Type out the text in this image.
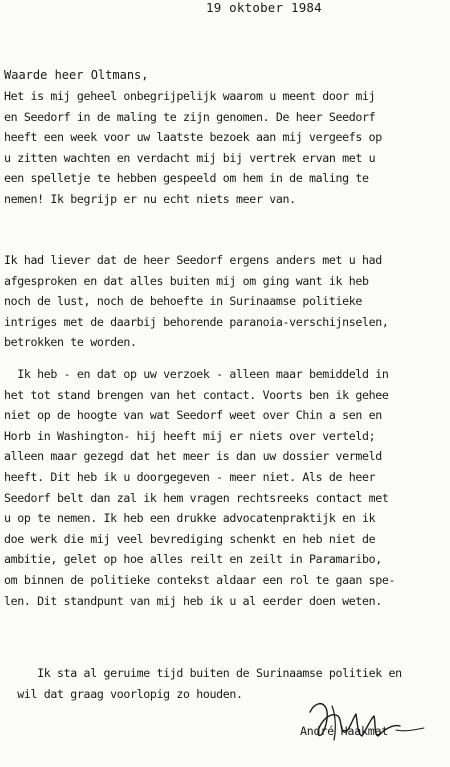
19 oktober 1984
Waarde heer Oltmans,
Het is mij geheel onbegrijpelijk waarom u meent door mij
en Seedorf in de maling te zijn genomen. De heer Seedorf
heeft een week voor uw laatste bezoek aan mij vergeefs op
u zitten wachten en verdacht mij bij vertrek ervan met u
een spelletje te hebben gespeeld om hem in de maling te
nemen! Ik begrijp er nu echt niets meer van.
Ik had liever dat de heer Seedorf ergens anders met u had
afgesproken en dat alles buiten mij om ging want ik heb
noch de lust, noch de behoefte in Surinaamse politieke
intriges met de daarbij behorende paranoia-verschijnselen,
betrokken te worden.
Ik heb - en dat op uw verzoek - alleen maar bemiddeld in
het tot stand brengen van het contact. Voorts ben ik gehee
niet op de hoogte van wat Seedorf weet over Chin a sen en
Horb in Washington- hij heeft mij er niets over verteld;
alleen maar gezegd dat het meer is dan uw dossier vermeld
heeft. Dit heb ik u doorgegeven - meer niet. Als de heer
Seedorf belt dan zal ik hem vragen rechtsreeks contact met
u op te nemen. Ik heb een drukke advocatenpraktijk en ik
doe werk die mij veel bevrediging schenkt en heb niet de
ambitie, gelet op hoe alles reilt en zeilt in Paramaribo,
om binnen de politieke contekst aldaar een rol te gaan spe-
len. Dit standpunt van mij heb ik u al eerder doen weten.
Ik sta al geruime tijd buiten de Surinaamse politiek en
wil dat graag voorlopig zo houden.
André Haakmat
